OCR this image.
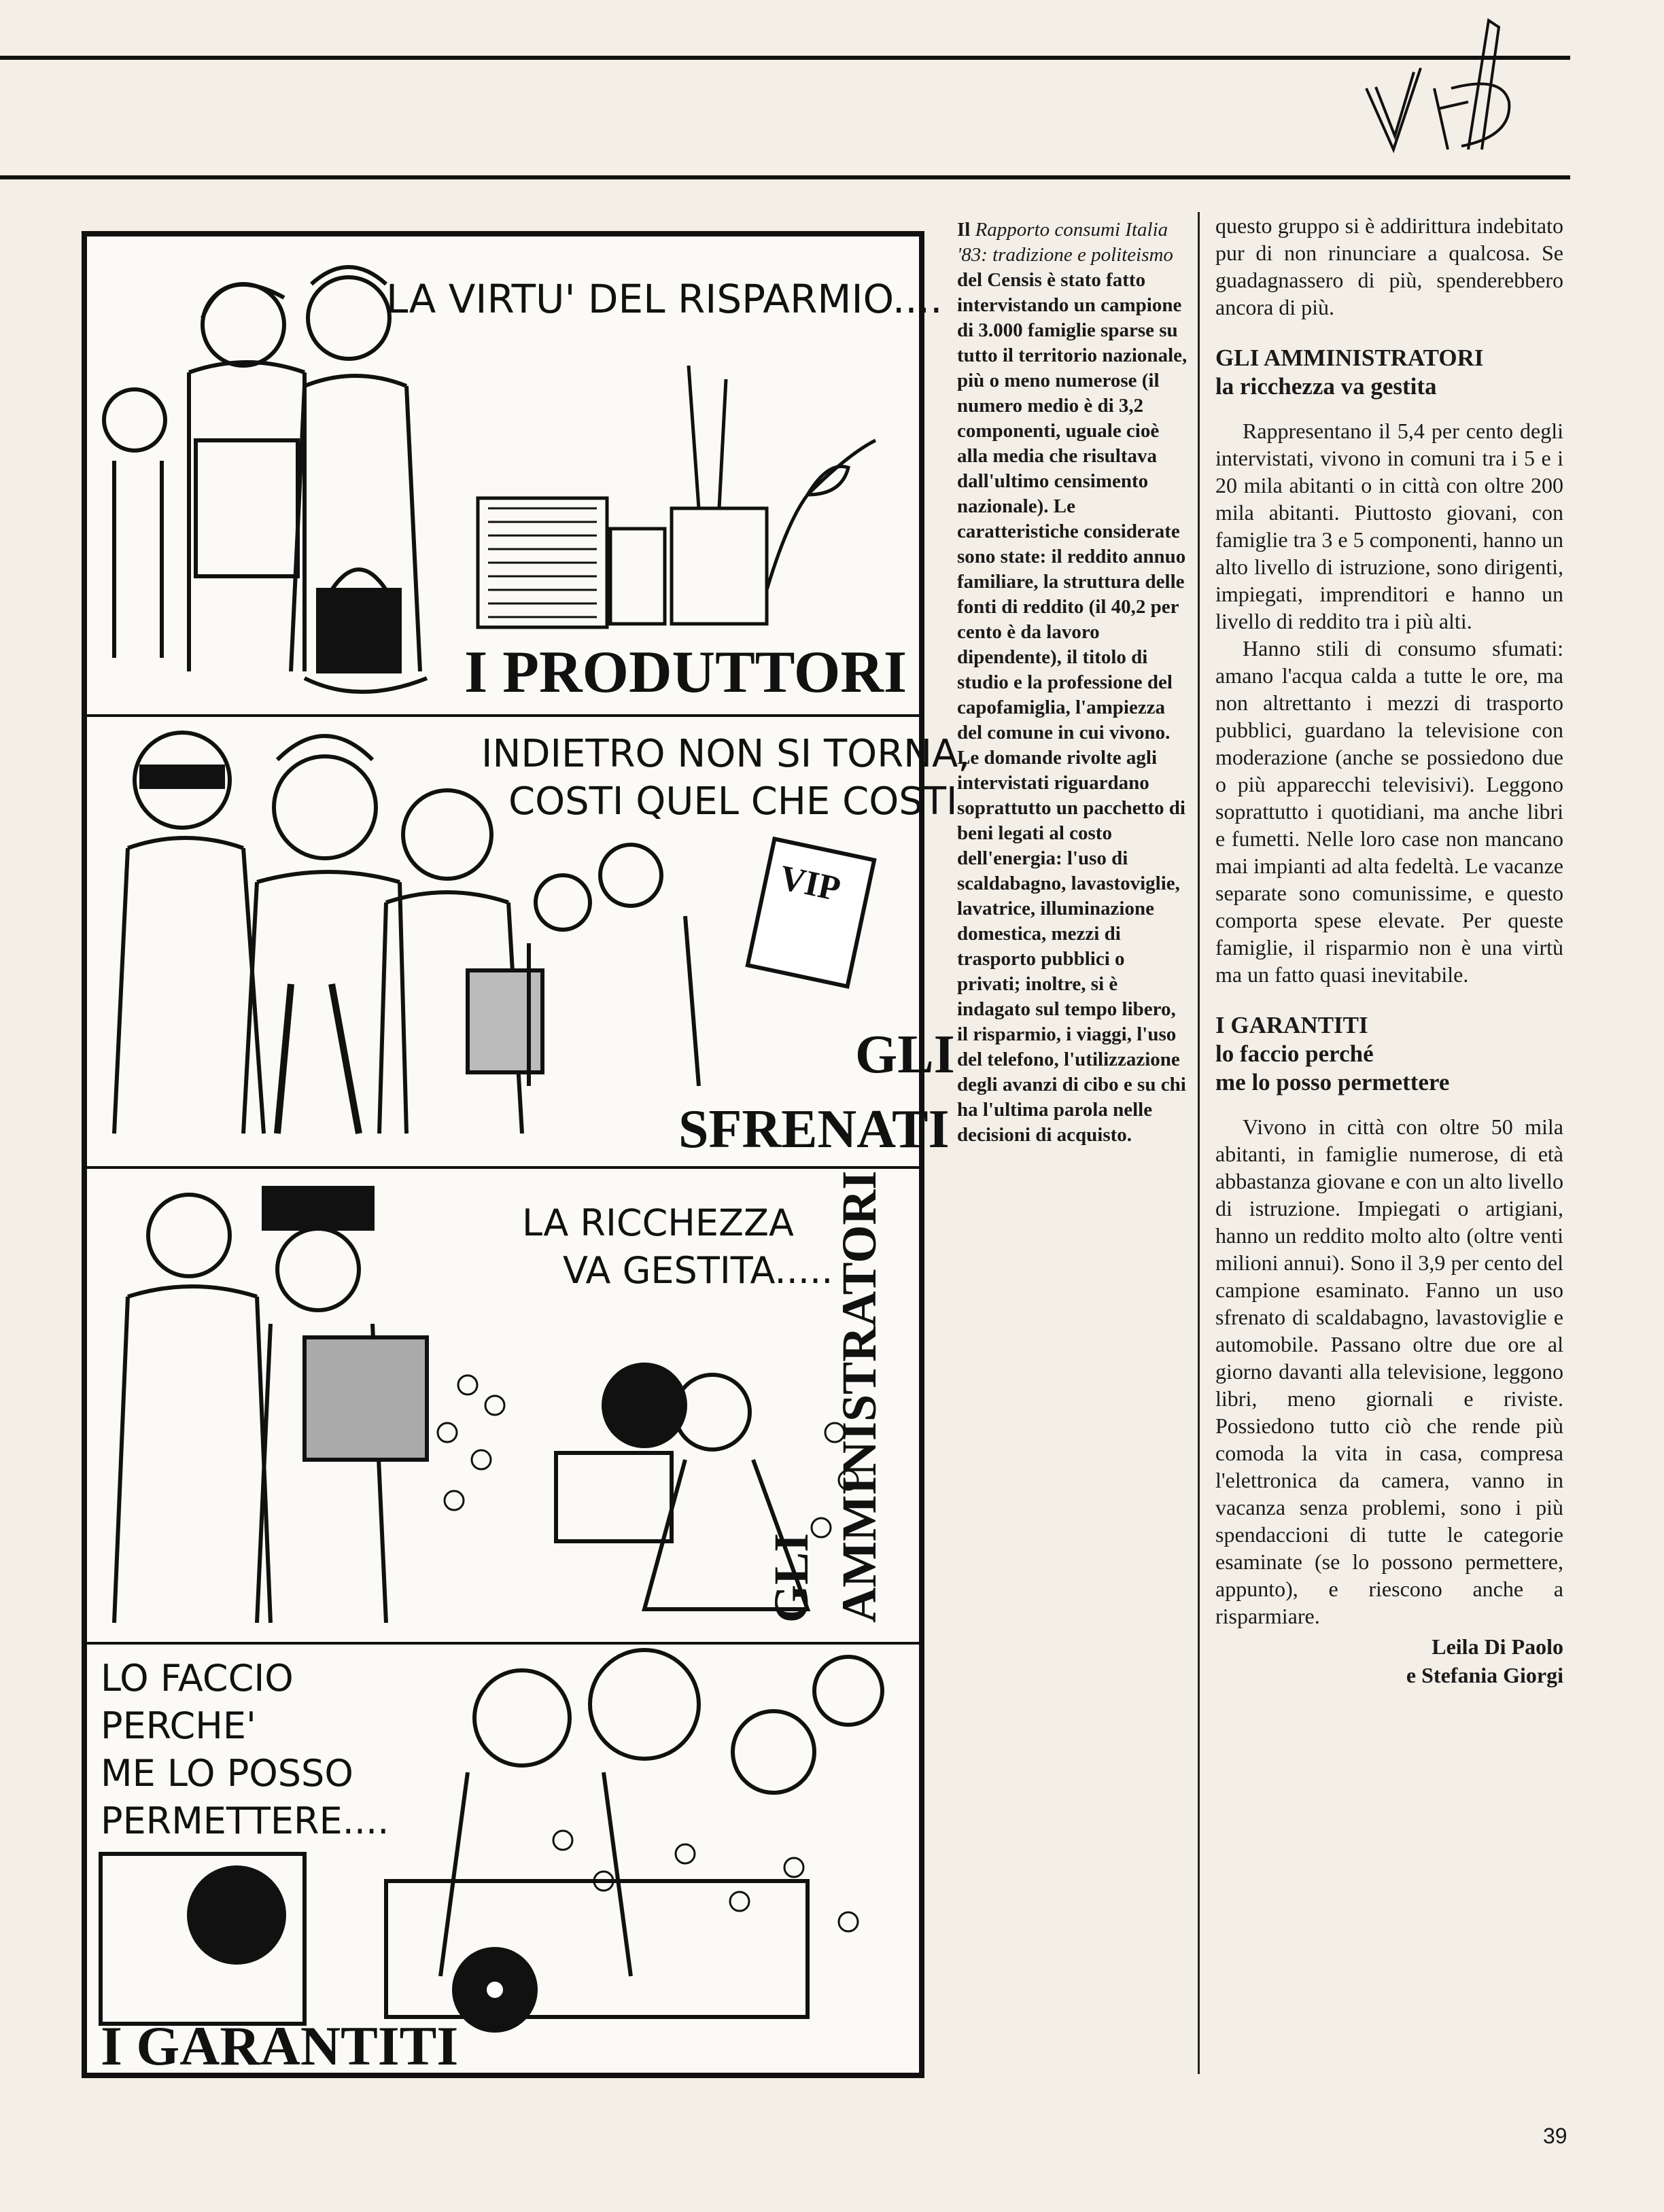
LA VIRTU' DEL RISPARMIO....
I PRODUTTORI
INDIETRO NON SI TORNA,
COSTI QUEL CHE COSTI
VIP
GLI
SFRENATI
LA RICCHEZZA
VA GESTITA.....
AMMINISTRATORI
GLI
LO FACCIO
PERCHE'
ME LO POSSO
PERMETTERE....
I GARANTITI

Il Rapporto consumi Italia '83: tradizione e politeismo del Censis è stato fatto intervistando un campione di 3.000 famiglie sparse su tutto il territorio nazionale, più o meno numerose (il numero medio è di 3,2 componenti, uguale cioè alla media che risultava dall'ultimo censimento nazionale). Le caratteristiche considerate sono state: il reddito annuo familiare, la struttura delle fonti di reddito (il 40,2 per cento è da lavoro dipendente), il titolo di studio e la professione del capofamiglia, l'ampiezza del comune in cui vivono. Le domande rivolte agli intervistati riguardano soprattutto un pacchetto di beni legati al costo dell'energia: l'uso di scaldabagno, lavastoviglie, lavatrice, illuminazione domestica, mezzi di trasporto pubblici o privati; inoltre, si è indagato sul tempo libero, il risparmio, i viaggi, l'uso del telefono, l'utilizzazione degli avanzi di cibo e su chi ha l'ultima parola nelle decisioni di acquisto.

questo gruppo si è addirittura indebitato pur di non rinunciare a qualcosa. Se guadagnassero di più, spenderebbero ancora di più.

GLI AMMINISTRATORI
la ricchezza va gestita

Rappresentano il 5,4 per cento degli intervistati, vivono in comuni tra i 5 e i 20 mila abitanti o in città con oltre 200 mila abitanti. Piuttosto giovani, con famiglie tra 3 e 5 componenti, hanno un alto livello di istruzione, sono dirigenti, impiegati, imprenditori e hanno un livello di reddito tra i più alti.

Hanno stili di consumo sfumati: amano l'acqua calda a tutte le ore, ma non altrettanto i mezzi di trasporto pubblici, guardano la televisione con moderazione (anche se possiedono due o più apparecchi televisivi). Leggono soprattutto i quotidiani, ma anche libri e fumetti. Nelle loro case non mancano mai impianti ad alta fedeltà. Le vacanze separate sono comunissime, e questo comporta spese elevate. Per queste famiglie, il risparmio non è una virtù ma un fatto quasi inevitabile.

I GARANTITI
lo faccio perché
me lo posso permettere

Vivono in città con oltre 50 mila abitanti, in famiglie numerose, di età abbastanza giovane e con un alto livello di istruzione. Impiegati o artigiani, hanno un reddito molto alto (oltre venti milioni annui). Sono il 3,9 per cento del campione esaminato. Fanno un uso sfrenato di scaldabagno, lavastoviglie e automobile. Passano oltre due ore al giorno davanti alla televisione, leggono libri, meno giornali e riviste. Possiedono tutto ciò che rende più comoda la vita in casa, compresa l'elettronica da camera, vanno in vacanza senza problemi, sono i più spendaccioni di tutte le categorie esaminate (se lo possono permettere, appunto), e riescono anche a risparmiare.

Leila Di Paolo
e Stefania Giorgi
39
